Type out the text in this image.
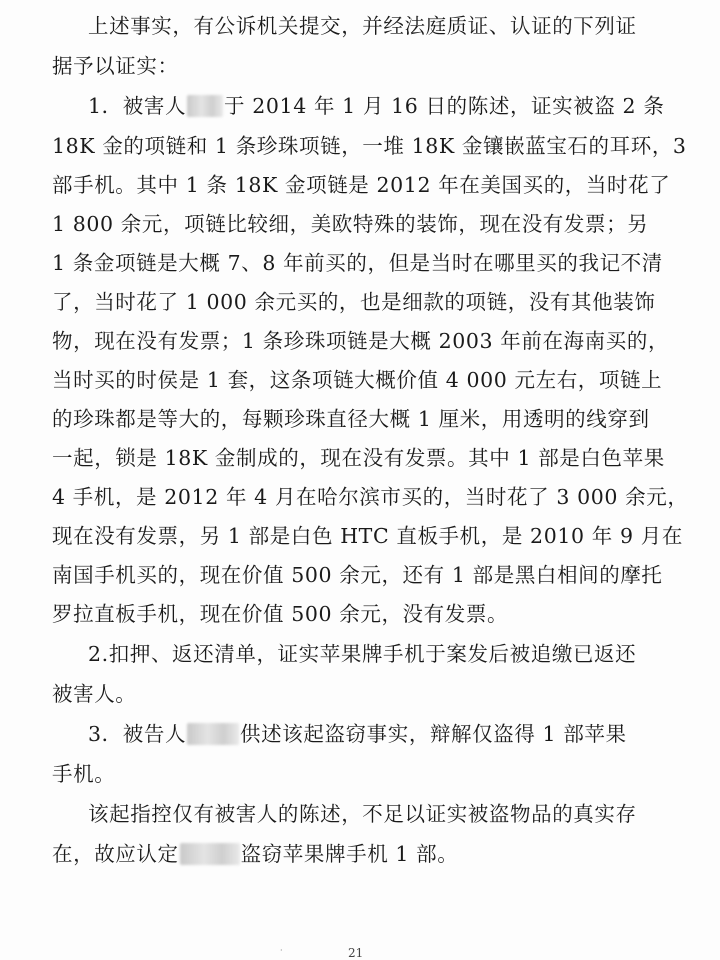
上述事实，有公诉机关提交，并经法庭质证、认证的下列证
据予以证实：
1．被害人 于 2014 年 1 月 16 日的陈述，证实被盗 2 条
18K 金的项链和 1 条珍珠项链，一堆 18K 金镶嵌蓝宝石的耳环，3
部手机。其中 1 条 18K 金项链是 2012 年在美国买的，当时花了
1 800 余元，项链比较细，美欧特殊的装饰，现在没有发票；另
1 条金项链是大概 7、8 年前买的，但是当时在哪里买的我记不清
了，当时花了 1 000 余元买的，也是细款的项链，没有其他装饰
物，现在没有发票；1 条珍珠项链是大概 2003 年前在海南买的，
当时买的时侯是 1 套，这条项链大概价值 4 000 元左右，项链上
的珍珠都是等大的，每颗珍珠直径大概 1 厘米，用透明的线穿到
一起，锁是 18K 金制成的，现在没有发票。其中 1 部是白色苹果
4 手机，是 2012 年 4 月在哈尔滨市买的，当时花了 3 000 余元，
现在没有发票，另 1 部是白色 HTC 直板手机，是 2010 年 9 月在
南国手机买的，现在价值 500 余元，还有 1 部是黑白相间的摩托
罗拉直板手机，现在价值 500 余元，没有发票。
2.扣押、返还清单，证实苹果牌手机于案发后被追缴已返还
被害人。
3．被告人	供述该起盗窃事实，辩解仅盗得 1 部苹果
手机。
该起指控仅有被害人的陈述，不足以证实被盗物品的真实存
在，故应认定	盗窃苹果牌手机 1 部。
·	21
